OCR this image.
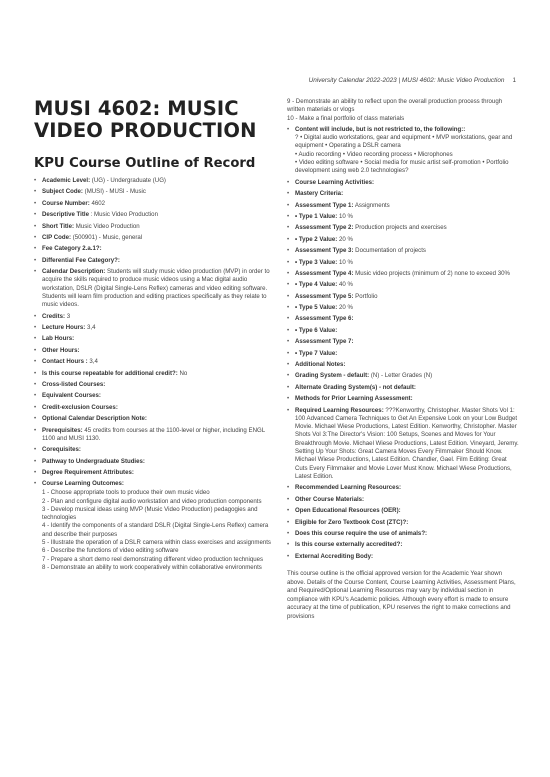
University Calendar 2022-2023 | MUSI 4602: Music Video Production 1
MUSI 4602: MUSIC VIDEO PRODUCTION
KPU Course Outline of Record
• Academic Level: (UG) - Undergraduate (UG)
• Subject Code: (MUSI) - MUSI - Music
• Course Number: 4602
• Descriptive Title : Music Video Production
• Short Title: Music Video Production
• CIP Code: (500901) - Music, general
• Fee Category 2.a.1?:
• Differential Fee Category?:
• Calendar Description: Students will study music video production (MVP) in order to acquire the skills required to produce music videos using a Mac digital audio workstation, DSLR (Digital Single-Lens Reflex) cameras and video editing software. Students will learn film production and editing practices specifically as they relate to music videos.
• Credits: 3
• Lecture Hours: 3,4
• Lab Hours:
• Other Hours:
• Contact Hours : 3,4
• Is this course repeatable for additional credit?: No
• Cross-listed Courses:
• Equivalent Courses:
• Credit-exclusion Courses:
• Optional Calendar Description Note:
• Prerequisites: 45 credits from courses at the 1100-level or higher, including ENGL 1100 and MUSI 1130.
• Corequisites:
• Pathway to Undergraduate Studies:
• Degree Requirement Attributes:
• Course Learning Outcomes:
1 - Choose appropriate tools to produce their own music video
2 - Plan and configure digital audio workstation and video production components
3 - Develop musical ideas using MVP (Music Video Production) pedagogies and technologies
4 - Identify the components of a standard DSLR (Digital Single-Lens Reflex) camera and describe their purposes
5 - Illustrate the operation of a DSLR camera within class exercises and assignments
6 - Describe the functions of video editing software
7 - Prepare a short demo reel demonstrating different video production techniques
8 - Demonstrate an ability to work cooperatively within collaborative environments
9 - Demonstrate an ability to reflect upon the overall production process through written materials or vlogs
10 - Make a final portfolio of class materials
• Content will include, but is not restricted to, the following::
? • Digital audio workstations, gear and equipment • MVP workstations, gear and equipment • Operating a DSLR camera
• Audio recording • Video recording process • Microphones
• Video editing software • Social media for music artist self-promotion • Portfolio development using web 2.0 technologies?
• Course Learning Activities:
• Mastery Criteria:
• Assessment Type 1: Assignments
• • Type 1 Value: 10 %
• Assessment Type 2: Production projects and exercises
• • Type 2 Value: 20 %
• Assessment Type 3: Documentation of projects
• • Type 3 Value: 10 %
• Assessment Type 4: Music video projects (minimum of 2) none to exceed 30%
• • Type 4 Value: 40 %
• Assessment Type 5: Portfolio
• • Type 5 Value: 20 %
• Assessment Type 6:
• • Type 6 Value:
• Assessment Type 7:
• • Type 7 Value:
• Additional Notes:
• Grading System - default: (N) - Letter Grades (N)
• Alternate Grading System(s) - not default:
• Methods for Prior Learning Assessment:
• Required Learning Resources: ???Kenworthy, Christopher. Master Shots Vol 1: 100 Advanced Camera Techniques to Get An Expensive Look on your Low Budget Movie. Michael Wiese Productions, Latest Edition. Kenworthy, Christopher. Master Shots Vol 3:The Director's Vision: 100 Setups, Scenes and Moves for Your Breakthrough Movie. Michael Wiese Productions, Latest Edition. Vineyard, Jeremy. Setting Up Your Shots: Great Camera Moves Every Filmmaker Should Know. Michael Wiese Productions, Latest Edition. Chandler, Gael. Film Editing: Great Cuts Every Filmmaker and Movie Lover Must Know. Michael Wiese Productions, Latest Edition.
• Recommended Learning Resources:
• Other Course Materials:
• Open Educational Resources (OER):
• Eligible for Zero Textbook Cost (ZTC)?:
• Does this course require the use of animals?:
• Is this course externally accredited?:
• External Accrediting Body:
This course outline is the official approved version for the Academic Year shown above. Details of the Course Content, Course Learning Activities, Assessment Plans, and Required/Optional Learning Resources may vary by individual section in compliance with KPU's Academic policies. Although every effort is made to ensure accuracy at the time of publication, KPU reserves the right to make corrections and provisions
